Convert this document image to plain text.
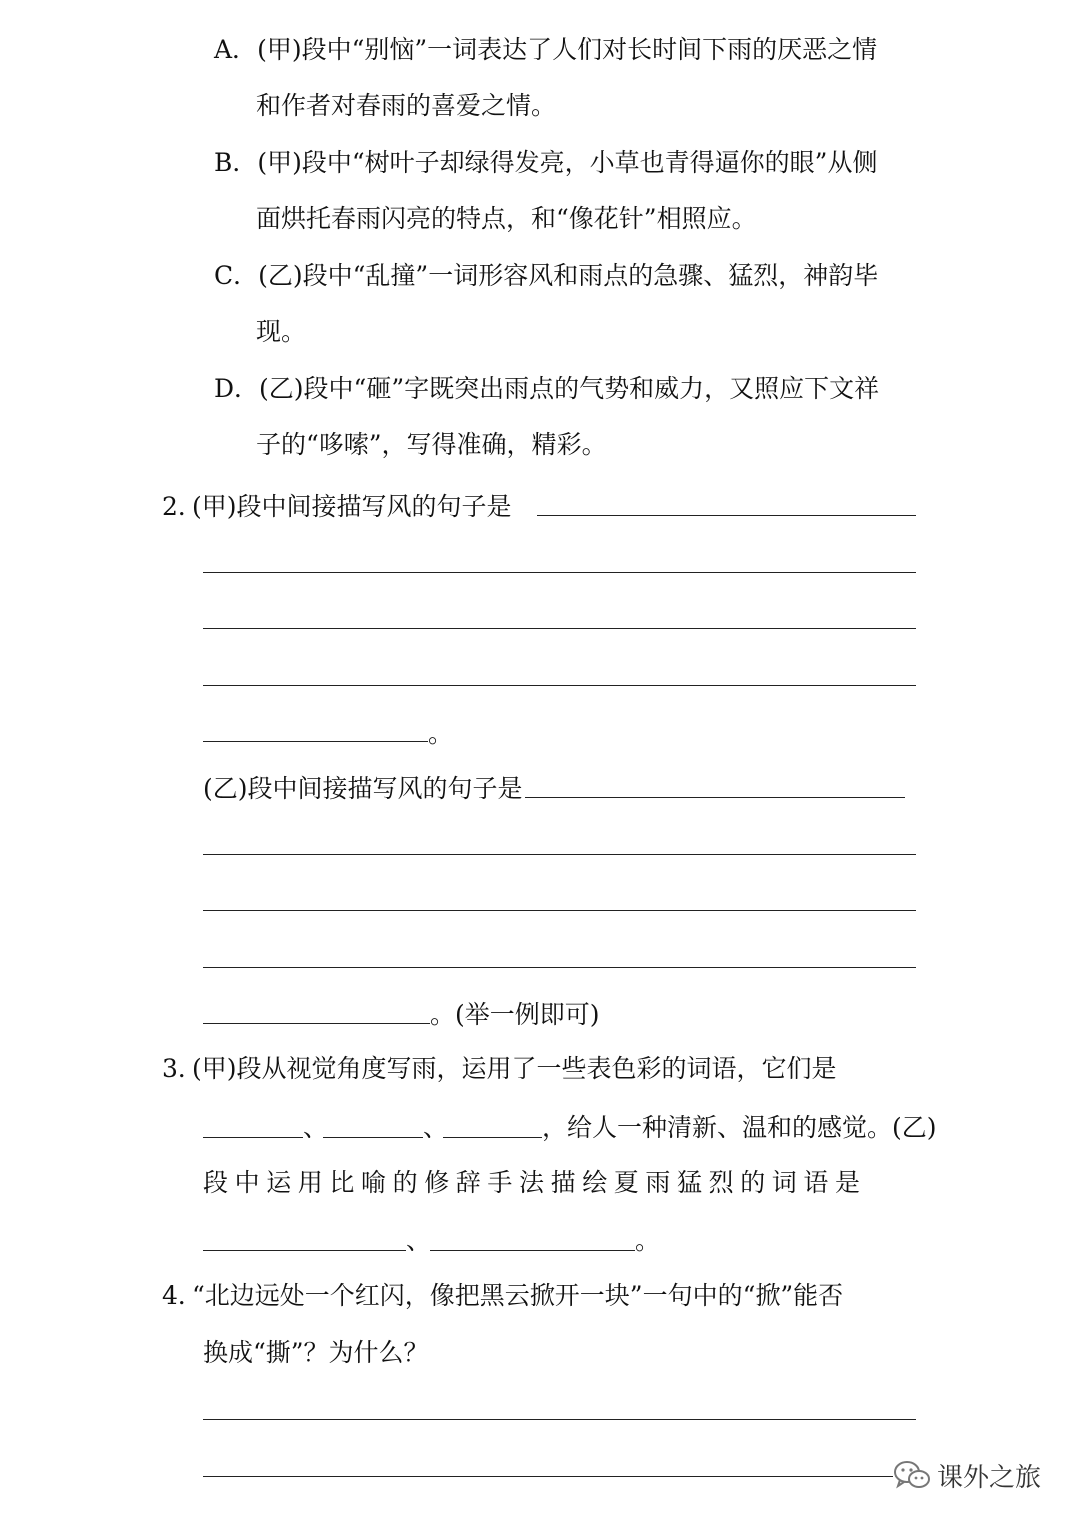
A．(甲)段中“别恼”一词表达了人们对长时间下雨的厌恶之情
和作者对春雨的喜爱之情。
B．(甲)段中“树叶子却绿得发亮，小草也青得逼你的眼”从侧
面烘托春雨闪亮的特点，和“像花针”相照应。
C．(乙)段中“乱撞”一词形容风和雨点的急骤、猛烈，神韵毕
现。
D．(乙)段中“砸”字既突出雨点的气势和威力，又照应下文祥
子的“哆嗦”，写得准确，精彩。
2．(甲)段中间接描写风的句子是
。
(乙)段中间接描写风的句子是
。(举一例即可)
3．(甲)段从视觉角度写雨，运用了一些表色彩的词语，它们是
、	、	，给人一种清新、温和的感觉。(乙)
段中运用比喻的修辞手法描绘夏雨猛烈的词语是
、	。
4．“北边远处一个红闪，像把黑云掀开一块”一句中的“掀”能否
换成“撕”？为什么？
课外之旅
